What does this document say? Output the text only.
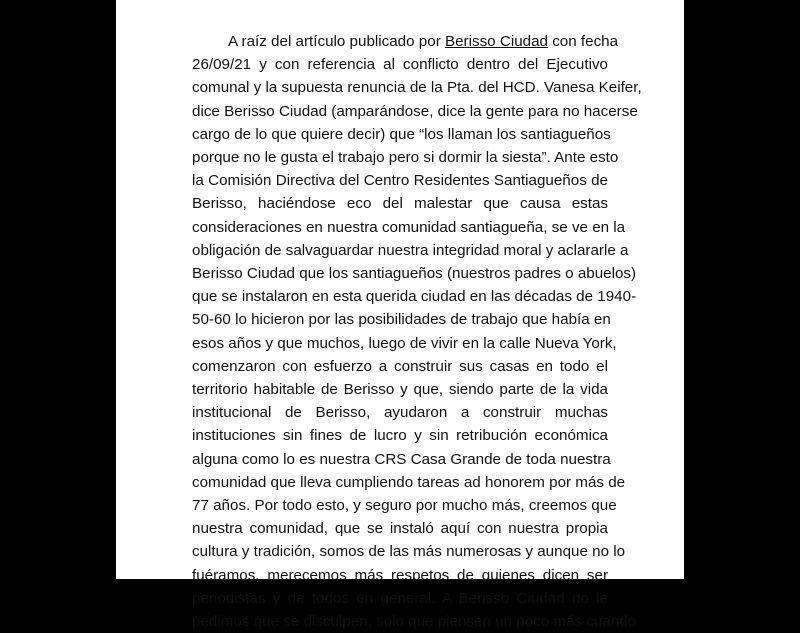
A raíz del artículo publicado por Berisso Ciudad con fecha
26/09/21 y con referencia al conflicto dentro del Ejecutivo
comunal y la supuesta renuncia de la Pta. del HCD. Vanesa Keifer,
dice Berisso Ciudad (amparándose, dice la gente para no hacerse
cargo de lo que quiere decir) que “los llaman los santiagueños
porque no le gusta el trabajo pero si dormir la siesta”. Ante esto
la Comisión Directiva del Centro Residentes Santiagueños de
Berisso, haciéndose eco del malestar que causa estas
consideraciones en nuestra comunidad santiagueña, se ve en la
obligación de salvaguardar nuestra integridad moral y aclararle a
Berisso Ciudad que los santiagueños (nuestros padres o abuelos)
que se instalaron en esta querida ciudad en las décadas de 1940-
50-60 lo hicieron por las posibilidades de trabajo que había en
esos años y que muchos, luego de vivir en la calle Nueva York,
comenzaron con esfuerzo a construir sus casas en todo el
territorio habitable de Berisso y que, siendo parte de la vida
institucional de Berisso, ayudaron a construir muchas
instituciones sin fines de lucro y sin retribución económica
alguna como lo es nuestra CRS Casa Grande de toda nuestra
comunidad que lleva cumpliendo tareas ad honorem por más de
77 años. Por todo esto, y seguro por mucho más, creemos que
nuestra comunidad, que se instaló aquí con nuestra propia
cultura y tradición, somos de las más numerosas y aunque no lo
fuéramos, merecemos más respetos de quienes dicen ser
periodistas y de todos en general. A Berisso Ciudad no le
pedimos que se disculpen, solo que piensen un poco más cuando
